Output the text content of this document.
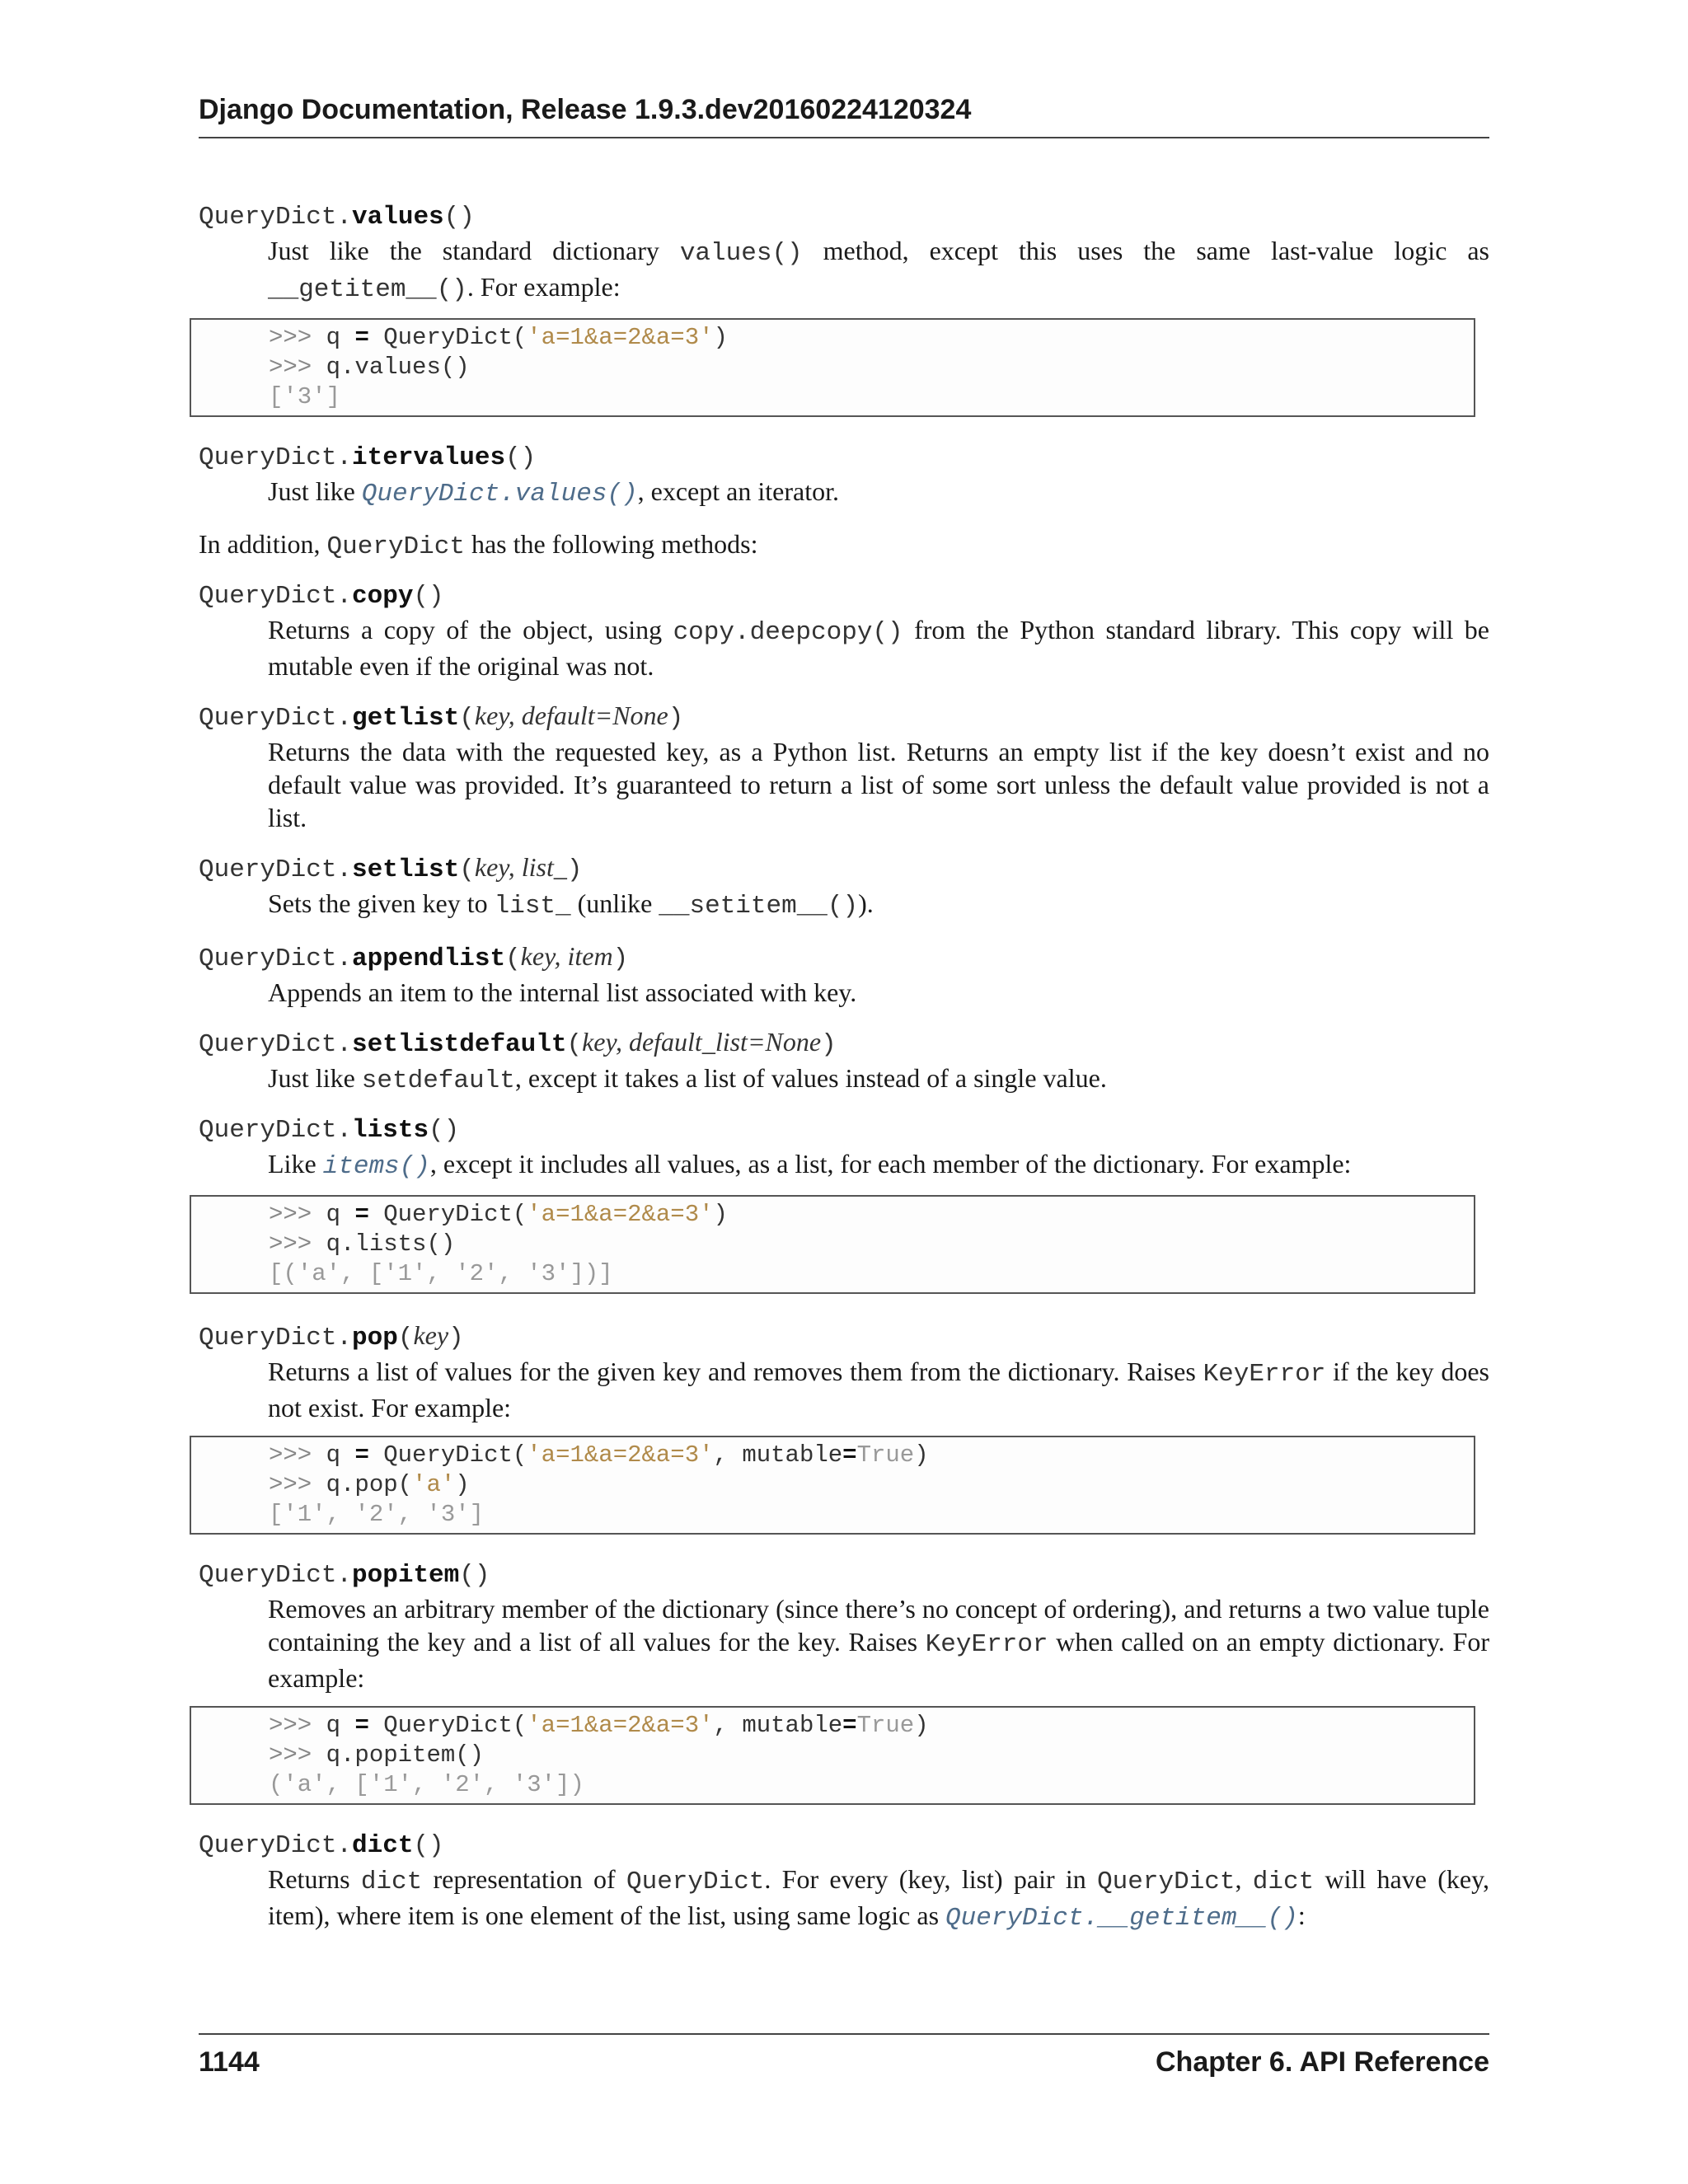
Django Documentation, Release 1.9.3.dev20160224120324
QueryDict.values()
Just like the standard dictionary values() method, except this uses the same last-value logic as __getitem__(). For example:
>>> q = QueryDict('a=1&a=2&a=3')
>>> q.values()
['3']
QueryDict.itervalues()
Just like QueryDict.values(), except an iterator.
In addition, QueryDict has the following methods:
QueryDict.copy()
Returns a copy of the object, using copy.deepcopy() from the Python standard library. This copy will be mutable even if the original was not.
QueryDict.getlist(key, default=None)
Returns the data with the requested key, as a Python list. Returns an empty list if the key doesn’t exist and no default value was provided. It’s guaranteed to return a list of some sort unless the default value provided is not a list.
QueryDict.setlist(key, list_)
Sets the given key to list_ (unlike __setitem__()).
QueryDict.appendlist(key, item)
Appends an item to the internal list associated with key.
QueryDict.setlistdefault(key, default_list=None)
Just like setdefault, except it takes a list of values instead of a single value.
QueryDict.lists()
Like items(), except it includes all values, as a list, for each member of the dictionary. For example:
>>> q = QueryDict('a=1&a=2&a=3')
>>> q.lists()
[('a', ['1', '2', '3'])]
QueryDict.pop(key)
Returns a list of values for the given key and removes them from the dictionary. Raises KeyError if the key does not exist. For example:
>>> q = QueryDict('a=1&a=2&a=3', mutable=True)
>>> q.pop('a')
['1', '2', '3']
QueryDict.popitem()
Removes an arbitrary member of the dictionary (since there’s no concept of ordering), and returns a two value tuple containing the key and a list of all values for the key. Raises KeyError when called on an empty dictionary. For example:
>>> q = QueryDict('a=1&a=2&a=3', mutable=True)
>>> q.popitem()
('a', ['1', '2', '3'])
QueryDict.dict()
Returns dict representation of QueryDict. For every (key, list) pair in QueryDict, dict will have (key, item), where item is one element of the list, using same logic as QueryDict.__getitem__():
1144	Chapter 6. API Reference
